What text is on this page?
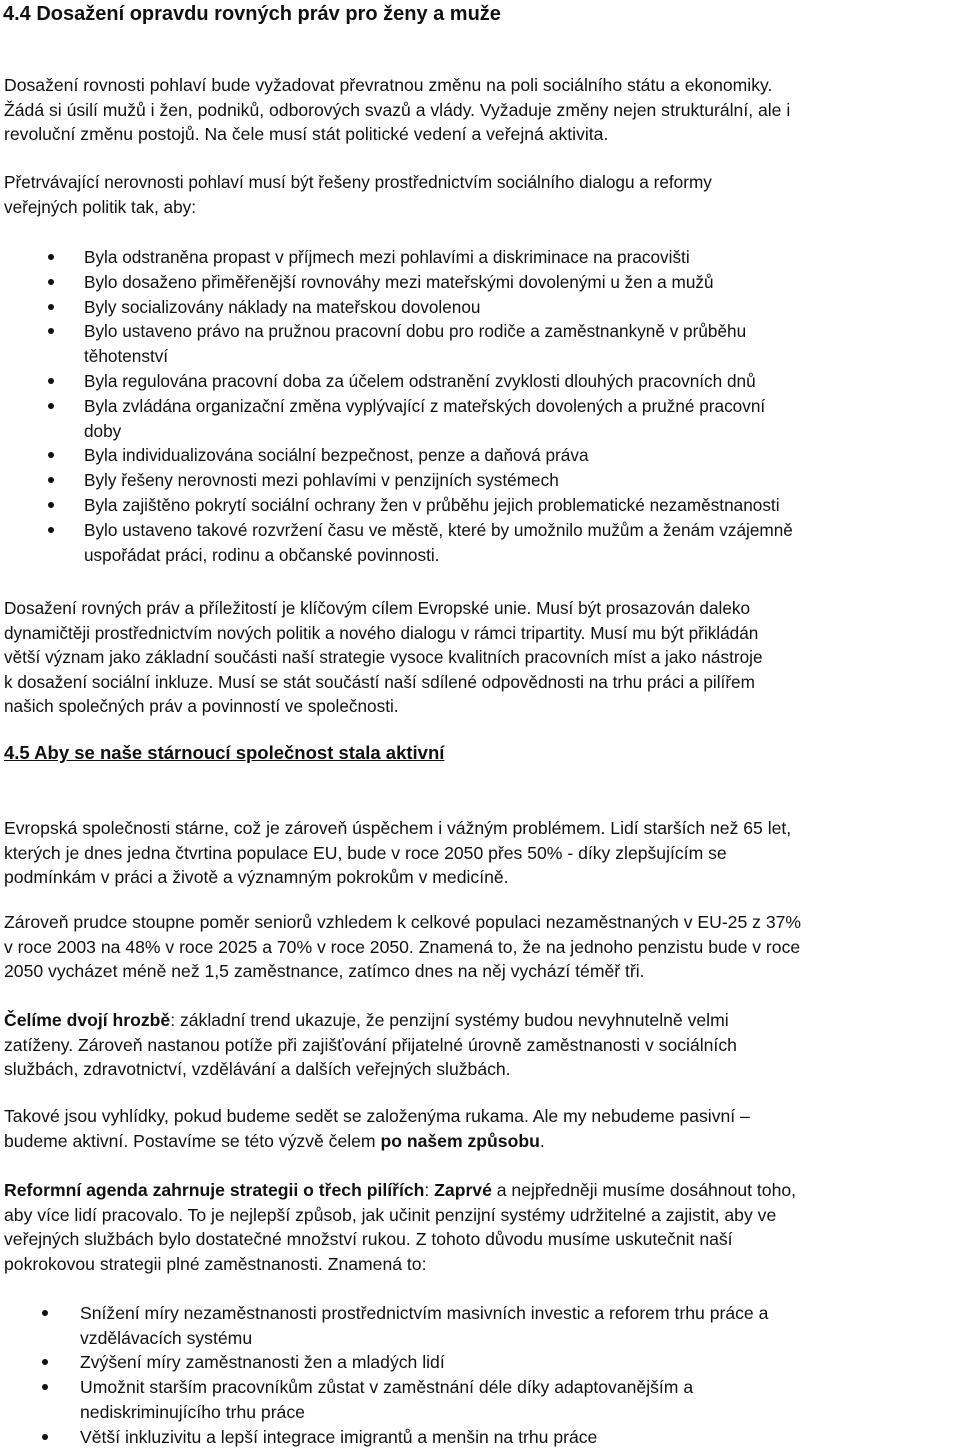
4.4 Dosažení opravdu rovných práv pro ženy a muže
Dosažení rovnosti pohlaví bude vyžadovat převratnou změnu na poli sociálního státu a ekonomiky.
Žádá si úsilí mužů i žen, podniků, odborových svazů a vlády. Vyžaduje změny nejen strukturální, ale i
revoluční změnu postojů. Na čele musí stát politické vedení a veřejná aktivita.
Přetrvávající nerovnosti pohlaví musí být řešeny prostřednictvím sociálního dialogu a reformy
veřejných politik tak, aby:
Byla odstraněna propast v příjmech mezi pohlavími a diskriminace na pracovišti
Bylo dosaženo přiměřenější rovnováhy mezi mateřskými dovolenými u žen a mužů
Byly socializovány náklady na mateřskou dovolenou
Bylo ustaveno právo na pružnou pracovní dobu pro rodiče a zaměstnankyně v průběhu
těhotenství
Byla regulována pracovní doba za účelem odstranění zvyklosti dlouhých pracovních dnů
Byla zvládána organizační změna vyplývající z mateřských dovolených a pružné pracovní
doby
Byla individualizována sociální bezpečnost, penze a daňová práva
Byly řešeny nerovnosti mezi pohlavími v penzijních systémech
Byla zajištěno pokrytí sociální ochrany žen v průběhu jejich problematické nezaměstnanosti
Bylo ustaveno takové rozvržení času ve městě, které by umožnilo mužům a ženám vzájemně
uspořádat práci, rodinu a občanské povinnosti.
Dosažení rovných práv a příležitostí je klíčovým cílem Evropské unie. Musí být prosazován daleko
dynamičtěji prostřednictvím nových politik a nového dialogu v rámci tripartity. Musí mu být přikládán
větší význam jako základní součásti naší strategie vysoce kvalitních pracovních míst a jako nástroje
k dosažení sociální inkluze. Musí se stát součástí naší sdílené odpovědnosti na trhu práci a pilířem
našich společných práv a povinností ve společnosti.
4.5 Aby se naše stárnoucí společnost stala aktivní
Evropská společnosti stárne, což je zároveň úspěchem i vážným problémem. Lidí starších než 65 let,
kterých je dnes jedna čtvrtina populace EU, bude v roce 2050 přes 50% - díky zlepšujícím se
podmínkám v práci a životě a významným pokrokům v medicíně.
Zároveň prudce stoupne poměr seniorů vzhledem k celkové populaci nezaměstnaných v EU-25 z 37%
v roce 2003 na 48% v roce 2025 a 70% v roce 2050. Znamená to, že na jednoho penzistu bude v roce
2050 vycházet méně než 1,5 zaměstnance, zatímco dnes na něj vychází téměř tři.
Čelíme dvojí hrozbě: základní trend ukazuje, že penzijní systémy budou nevyhnutelně velmi
zatíženy. Zároveň nastanou potíže při zajišťování přijatelné úrovně zaměstnanosti v sociálních
službách, zdravotnictví, vzdělávání a dalších veřejných službách.
Takové jsou vyhlídky, pokud budeme sedět se založenýma rukama. Ale my nebudeme pasivní –
budeme aktivní. Postavíme se této výzvě čelem po našem způsobu.
Reformní agenda zahrnuje strategii o třech pilířích: Zaprvé a nejpředněji musíme dosáhnout toho,
aby více lidí pracovalo. To je nejlepší způsob, jak učinit penzijní systémy udržitelné a zajistit, aby ve
veřejných službách bylo dostatečné množství rukou. Z tohoto důvodu musíme uskutečnit naší
pokrokovou strategii plné zaměstnanosti. Znamená to:
Snížení míry nezaměstnanosti prostřednictvím masivních investic a reforem trhu práce a
vzdělávacích systému
Zvýšení míry zaměstnanosti žen a mladých lidí
Umožnit starším pracovníkům zůstat v zaměstnání déle díky adaptovanějším a
nediskriminujícího trhu práce
Větší inkluzivitu a lepší integrace imigrantů a menšin na trhu práce
